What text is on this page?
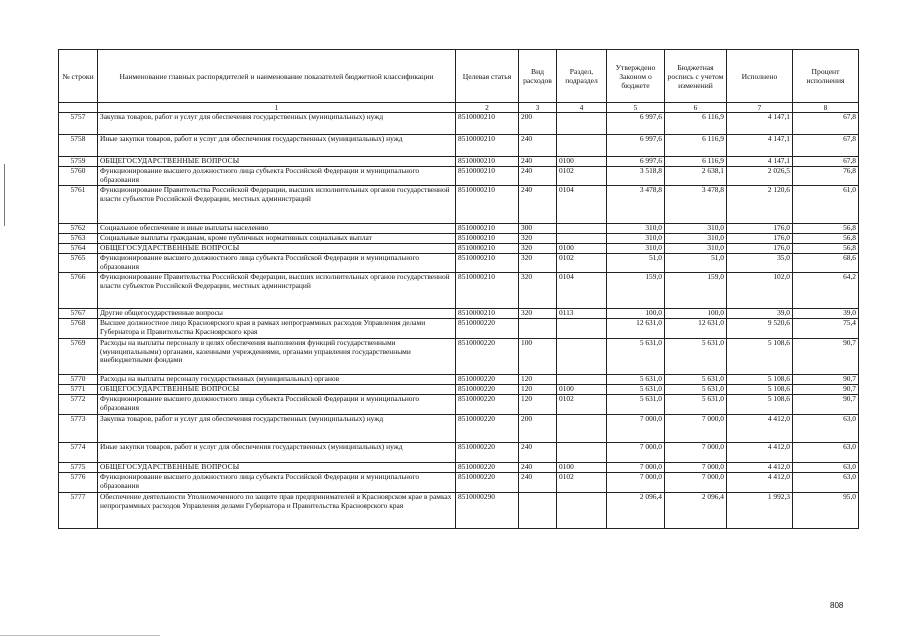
№ строки	Наименование главных распорядителей и наименование показателей бюджетной классификации	Целевая статья	Вид расходов	Раздел, подраздел	Утверждено Законом о бюджете	Бюджетная роспись с учетом изменений	Исполнено	Процент исполнения
	1	2	3	4	5	6	7	8
5757	Закупка товаров, работ и услуг для обеспечения государственных (муниципальных) нужд	8510000210	200		6 997,6	6 116,9	4 147,1	67,8
5758	Иные закупки товаров, работ и услуг для обеспечения государственных (муниципальных) нужд	8510000210	240		6 997,6	6 116,9	4 147,1	67,8
5759	ОБЩЕГОСУДАРСТВЕННЫЕ ВОПРОСЫ	8510000210	240	0100	6 997,6	6 116,9	4 147,1	67,8
5760	Функционирование высшего должностного лица субъекта Российской Федерации и муниципального образования	8510000210	240	0102	3 518,8	2 638,1	2 026,5	76,8
5761	Функционирование Правительства Российской Федерации, высших исполнительных органов государственной власти субъектов Российской Федерации, местных администраций	8510000210	240	0104	3 478,8	3 478,8	2 120,6	61,0
5762	Социальное обеспечение и иные выплаты населению	8510000210	300		310,0	310,0	176,0	56,8
5763	Социальные выплаты гражданам, кроме публичных нормативных социальных выплат	8510000210	320		310,0	310,0	176,0	56,8
5764	ОБЩЕГОСУДАРСТВЕННЫЕ ВОПРОСЫ	8510000210	320	0100	310,0	310,0	176,0	56,8
5765	Функционирование высшего должностного лица субъекта Российской Федерации и муниципального образования	8510000210	320	0102	51,0	51,0	35,0	68,6
5766	Функционирование Правительства Российской Федерации, высших исполнительных органов государственной власти субъектов Российской Федерации, местных администраций	8510000210	320	0104	159,0	159,0	102,0	64,2
5767	Другие общегосударственные вопросы	8510000210	320	0113	100,0	100,0	39,0	39,0
5768	Высшее должностное лицо Красноярского края в рамках непрограммных расходов Управления делами Губернатора и Правительства Красноярского края	8510000220			12 631,0	12 631,0	9 520,6	75,4
5769	Расходы на выплаты персоналу в целях обеспечения выполнения функций государственными (муниципальными) органами, казенными учреждениями, органами управления государственными внебюджетными фондами	8510000220	100		5 631,0	5 631,0	5 108,6	90,7
5770	Расходы на выплаты персоналу государственных (муниципальных) органов	8510000220	120		5 631,0	5 631,0	5 108,6	90,7
5771	ОБЩЕГОСУДАРСТВЕННЫЕ ВОПРОСЫ	8510000220	120	0100	5 631,0	5 631,0	5 108,6	90,7
5772	Функционирование высшего должностного лица субъекта Российской Федерации и муниципального образования	8510000220	120	0102	5 631,0	5 631,0	5 108,6	90,7
5773	Закупка товаров, работ и услуг для обеспечения государственных (муниципальных) нужд	8510000220	200		7 000,0	7 000,0	4 412,0	63,0
5774	Иные закупки товаров, работ и услуг для обеспечения государственных (муниципальных) нужд	8510000220	240		7 000,0	7 000,0	4 412,0	63,0
5775	ОБЩЕГОСУДАРСТВЕННЫЕ ВОПРОСЫ	8510000220	240	0100	7 000,0	7 000,0	4 412,0	63,0
5776	Функционирование высшего должностного лица субъекта Российской Федерации и муниципального образования	8510000220	240	0102	7 000,0	7 000,0	4 412,0	63,0
5777	Обеспечение деятельности Уполномоченного по защите прав предпринимателей в Красноярском крае в рамках непрограммных расходов Управления делами Губернатора и Правительства Красноярского края	8510000290			2 096,4	2 096,4	1 992,3	95,0
808
